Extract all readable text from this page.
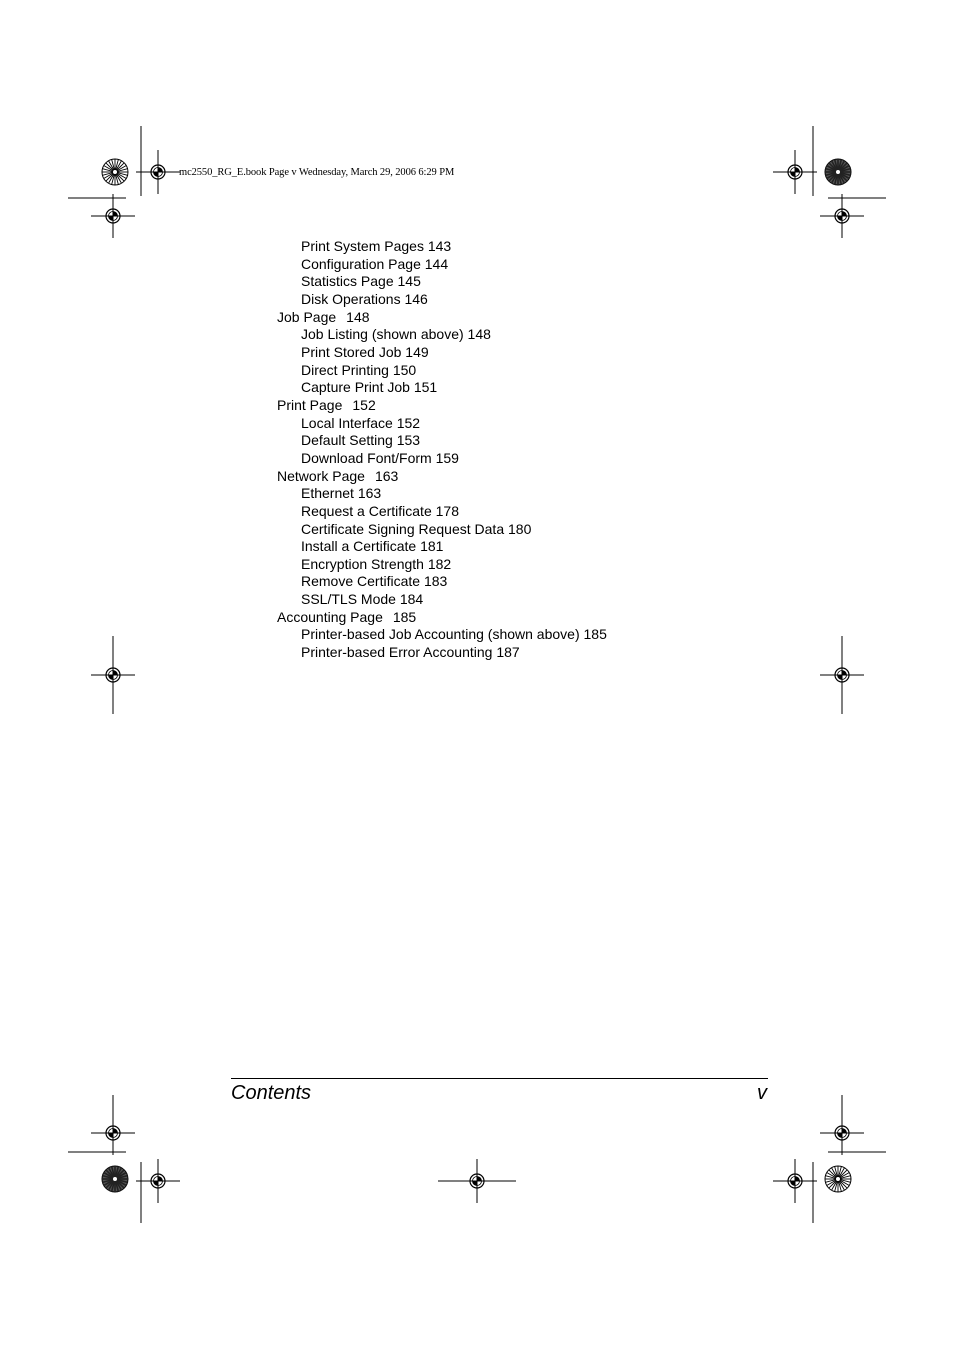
mc2550_RG_E.book Page v Wednesday, March 29, 2006 6:29 PM
Print System Pages 143
Configuration Page 144
Statistics Page 145
Disk Operations 146
Job Page 148
Job Listing (shown above) 148
Print Stored Job 149
Direct Printing 150
Capture Print Job 151
Print Page 152
Local Interface 152
Default Setting 153
Download Font/Form 159
Network Page 163
Ethernet 163
Request a Certificate 178
Certificate Signing Request Data 180
Install a Certificate 181
Encryption Strength 182
Remove Certificate 183
SSL/TLS Mode 184
Accounting Page 185
Printer-based Job Accounting (shown above) 185
Printer-based Error Accounting 187
Contents	v
